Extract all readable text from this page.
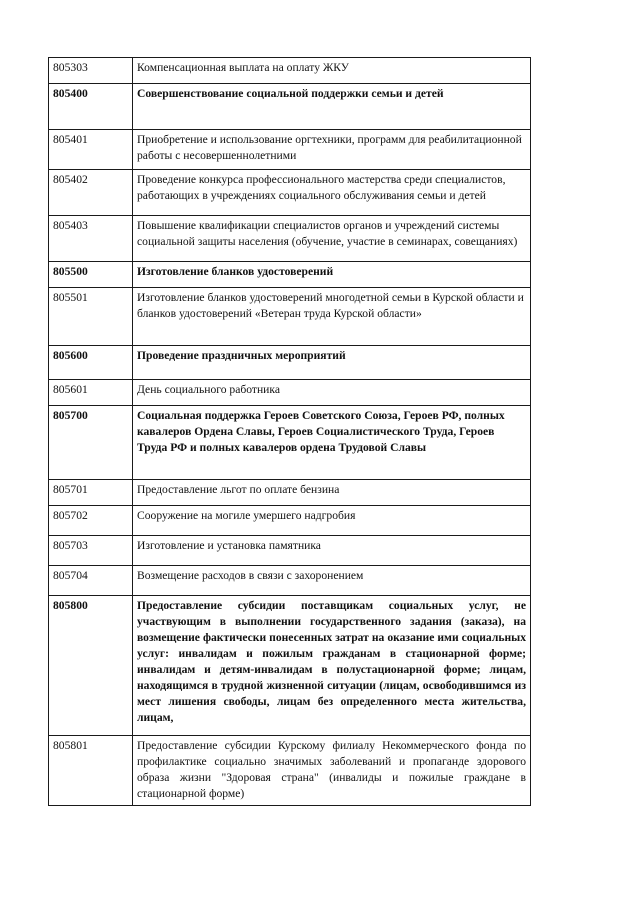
805303	Компенсационная выплата на оплату ЖКУ

805400	Совершенствование социальной поддержки семьи и детей

805401	Приобретение и использование оргтехники, программ для реабилитационной работы с несовершеннолетними

805402	Проведение конкурса профессионального мастерства среди специалистов, работающих в учреждениях социального обслуживания семьи и детей

805403	Повышение квалификации специалистов органов и учреждений системы социальной защиты населения (обучение, участие в семинарах, совещаниях)

805500	Изготовление бланков удостоверений

805501	Изготовление бланков удостоверений многодетной семьи в Курской области и бланков удостоверений «Ветеран труда Курской области»

805600	Проведение праздничных мероприятий

805601	День социального работника

805700	Социальная поддержка Героев Советского Союза, Героев РФ, полных кавалеров Ордена Славы, Героев Социалистического Труда, Героев Труда РФ и полных кавалеров ордена Трудовой Славы

805701	Предоставление льгот по оплате бензина

805702	Сооружение на могиле умершего надгробия

805703	Изготовление и установка памятника

805704	Возмещение расходов в связи с захоронением

805800	Предоставление субсидии поставщикам социальных услуг, не участвующим в выполнении государственного задания (заказа), на возмещение фактически понесенных затрат на оказание ими социальных услуг: инвалидам и пожилым гражданам в стационарной форме; инвалидам и детям-инвалидам в полустационарной форме; лицам, находящимся в трудной жизненной ситуации (лицам, освободившимся из мест лишения свободы, лицам без определенного места жительства, лицам,

805801	Предоставление субсидии Курскому филиалу Некоммерческого фонда по профилактике социально значимых заболеваний и пропаганде здорового образа жизни "Здоровая страна" (инвалиды и пожилые граждане в стационарной форме)
